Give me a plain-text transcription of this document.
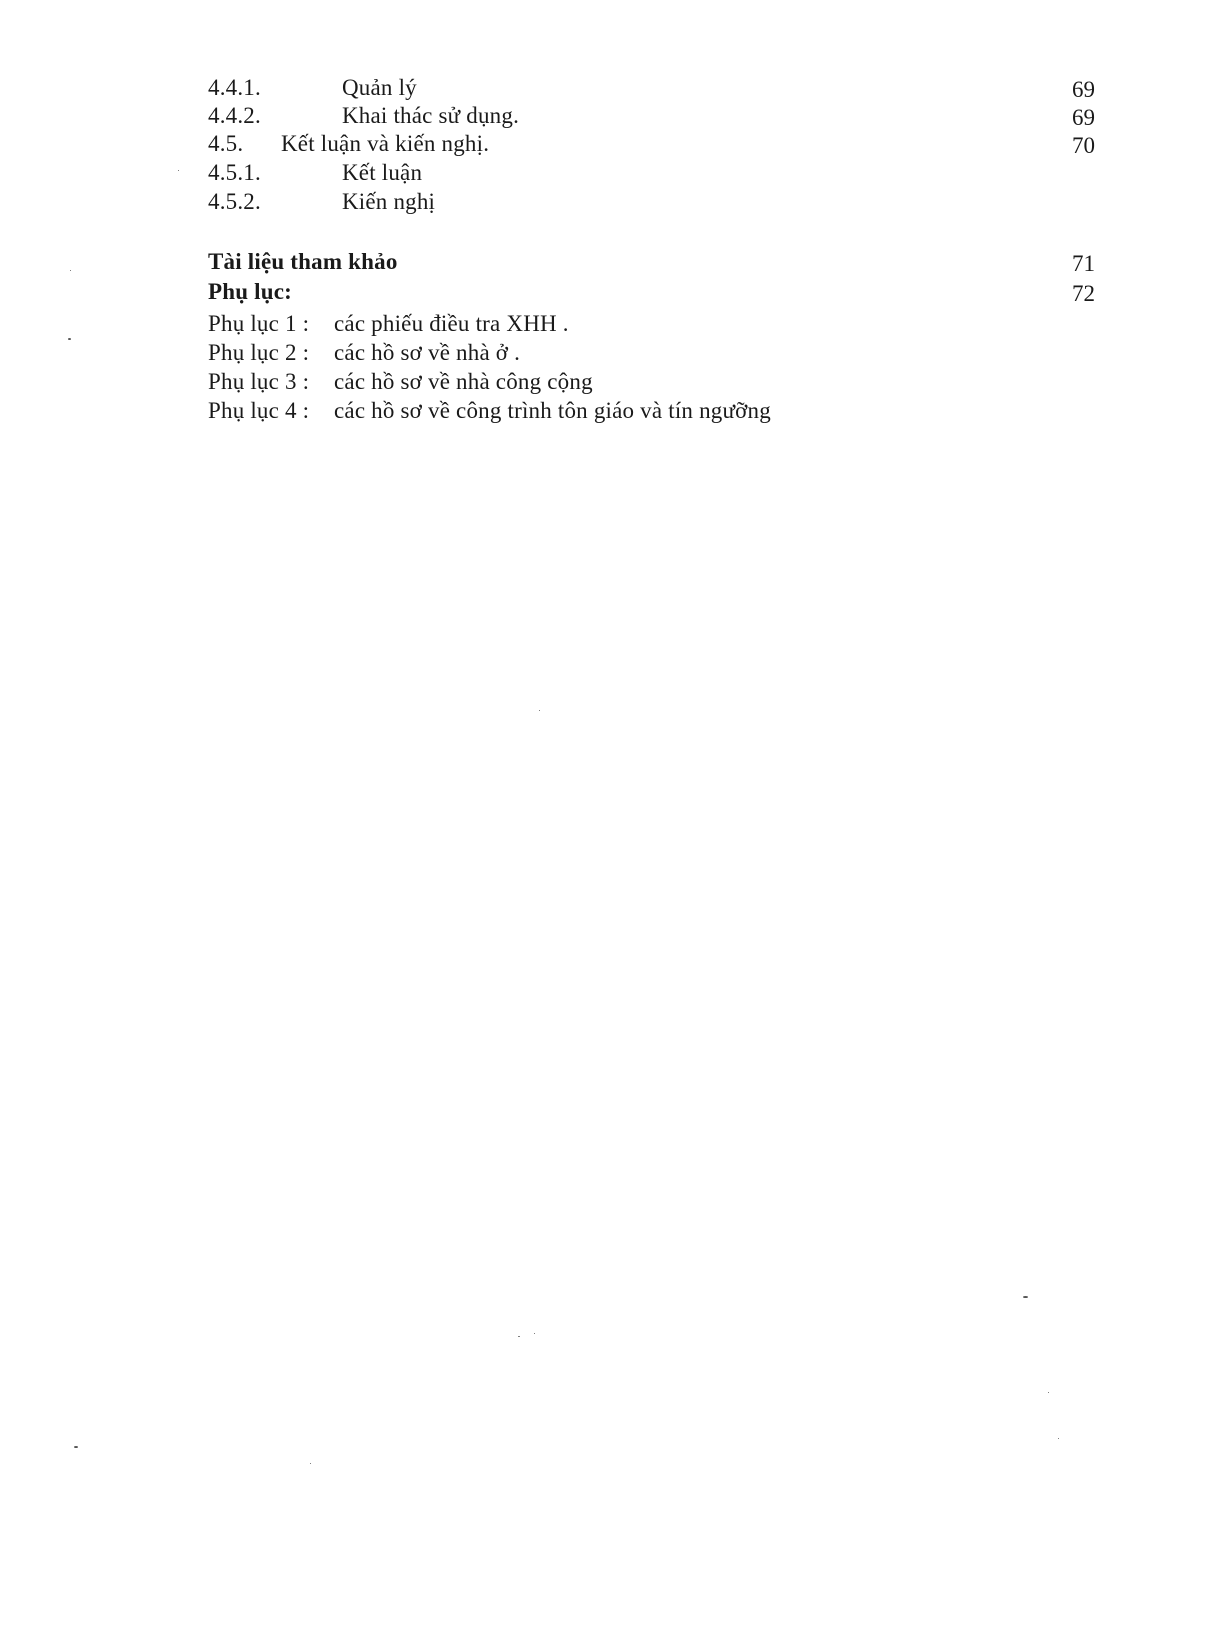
4.4.1.	Quản lý	69
4.4.2.	Khai thác sử dụng.	69
4.5. Kết luận và kiến nghị.	70
4.5.1.	Kết luận
4.5.2.	Kiến nghị
Tài liệu tham khảo	71
Phụ lục:	72
Phụ lục 1 : các phiếu điều tra XHH .
Phụ lục 2 : các hồ sơ về nhà ở .
Phụ lục 3 : các hồ sơ về nhà công cộng
Phụ lục 4 : các hồ sơ về công trình tôn giáo và tín ngưỡng
